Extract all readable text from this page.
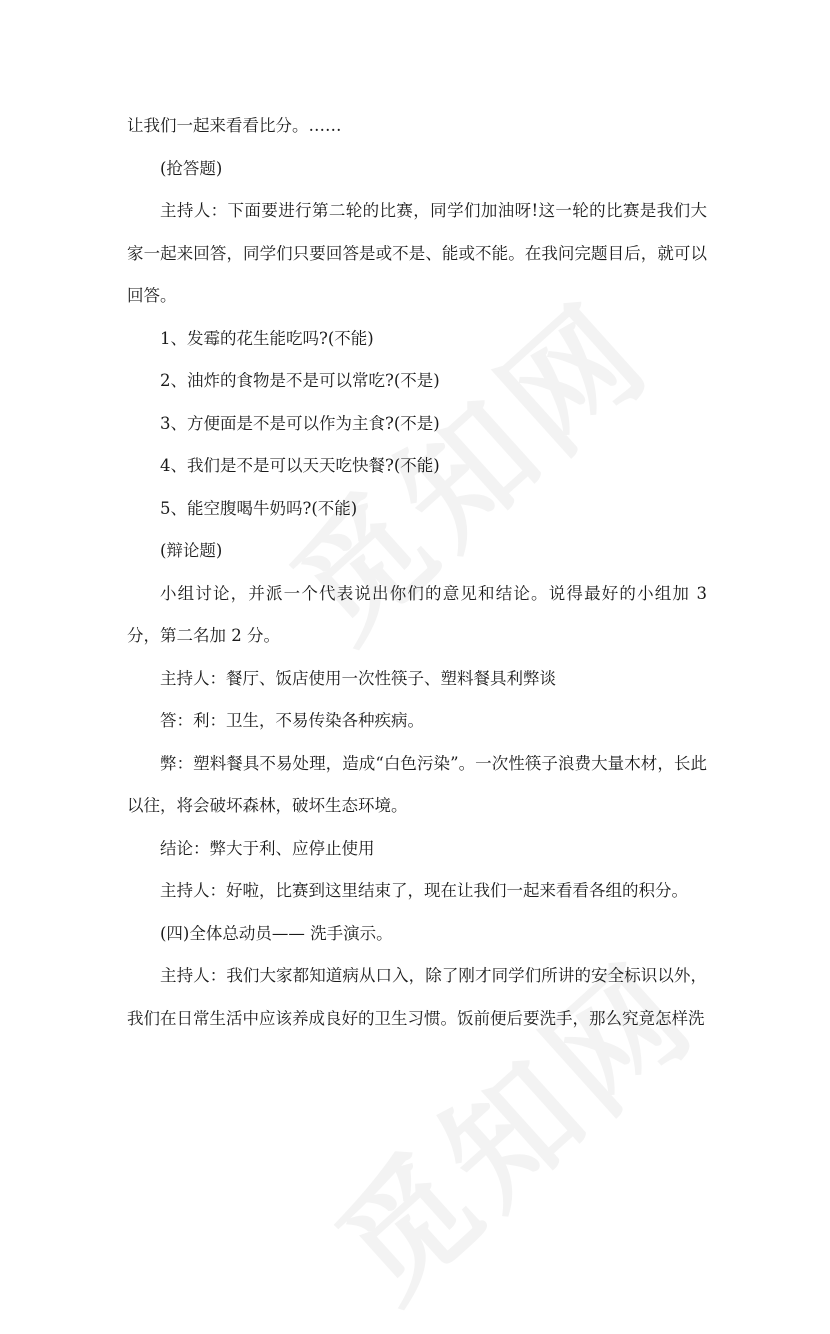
让我们一起来看看比分。……

(抢答题)

主持人：下面要进行第二轮的比赛，同学们加油呀!这一轮的比赛是我们大家一起来回答，同学们只要回答是或不是、能或不能。在我问完题目后，就可以回答。

1、发霉的花生能吃吗?(不能)

2、油炸的食物是不是可以常吃?(不是)

3、方便面是不是可以作为主食?(不是)

4、我们是不是可以天天吃快餐?(不能)

5、能空腹喝牛奶吗?(不能)

(辩论题)

小组讨论，并派一个代表说出你们的意见和结论。说得最好的小组加 3 分，第二名加 2 分。

主持人：餐厅、饭店使用一次性筷子、塑料餐具利弊谈

答：利：卫生，不易传染各种疾病。

弊：塑料餐具不易处理，造成“白色污染”。一次性筷子浪费大量木材，长此以往，将会破坏森林，破坏生态环境。

结论：弊大于利、应停止使用

主持人：好啦，比赛到这里结束了，现在让我们一起来看看各组的积分。

(四)全体总动员—— 洗手演示。

主持人：我们大家都知道病从口入，除了刚才同学们所讲的安全标识以外，我们在日常生活中应该养成良好的卫生习惯。饭前便后要洗手，那么究竟怎样洗
